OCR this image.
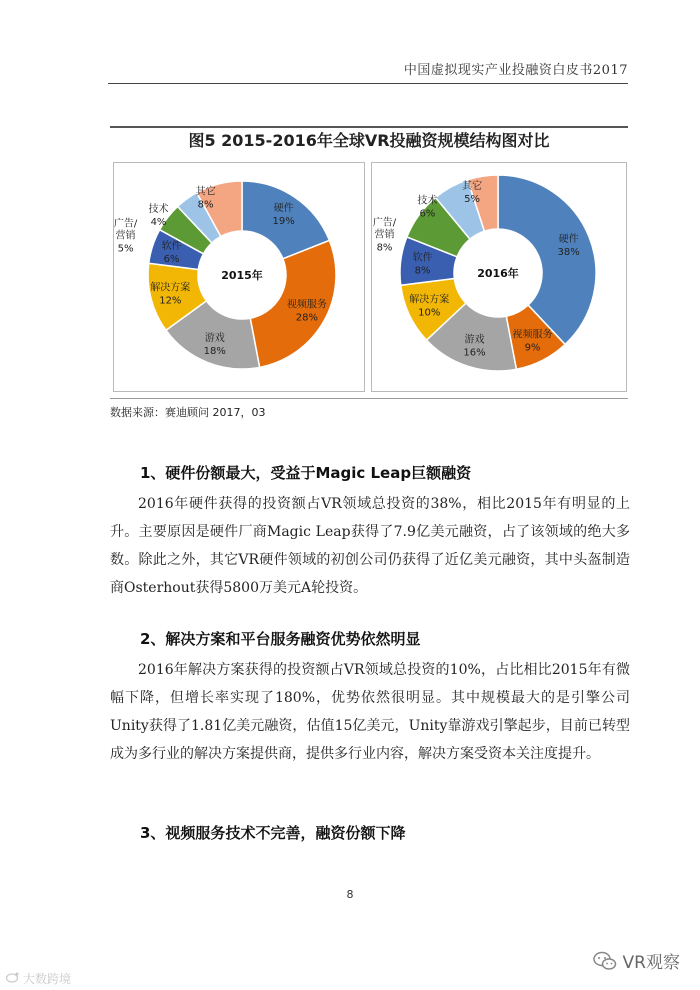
中国虚拟现实产业投融资白皮书2017
图5 2015-2016年全球VR投融资规模结构图对比
硬件 19%
视频服务 28%
游戏 18%
解决方案 12%
软件 6%
广告/营销 5%
技术 4%
其它 8%
2015年
硬件 38%
视频服务 9%
游戏 16%
解决方案 10%
软件 8%
广告/营销 8%
技术 6%
其它 5%
2016年
数据来源：赛迪顾问 2017，03
1、硬件份额最大，受益于Magic Leap巨额融资
2016年硬件获得的投资额占VR领域总投资的38%，相比2015年有明显的上升。主要原因是硬件厂商Magic Leap获得了7.9亿美元融资，占了该领域的绝大多数。除此之外，其它VR硬件领域的初创公司仍获得了近亿美元融资，其中头盔制造商Osterhout获得5800万美元A轮投资。
2、解决方案和平台服务融资优势依然明显
2016年解决方案获得的投资额占VR领域总投资的10%，占比相比2015年有微幅下降，但增长率实现了180%，优势依然很明显。其中规模最大的是引擎公司Unity获得了1.81亿美元融资，估值15亿美元，Unity靠游戏引擎起步，目前已转型成为多行业的解决方案提供商，提供多行业内容，解决方案受资本关注度提升。
3、视频服务技术不完善，融资份额下降
8
大数跨境
VR观察
